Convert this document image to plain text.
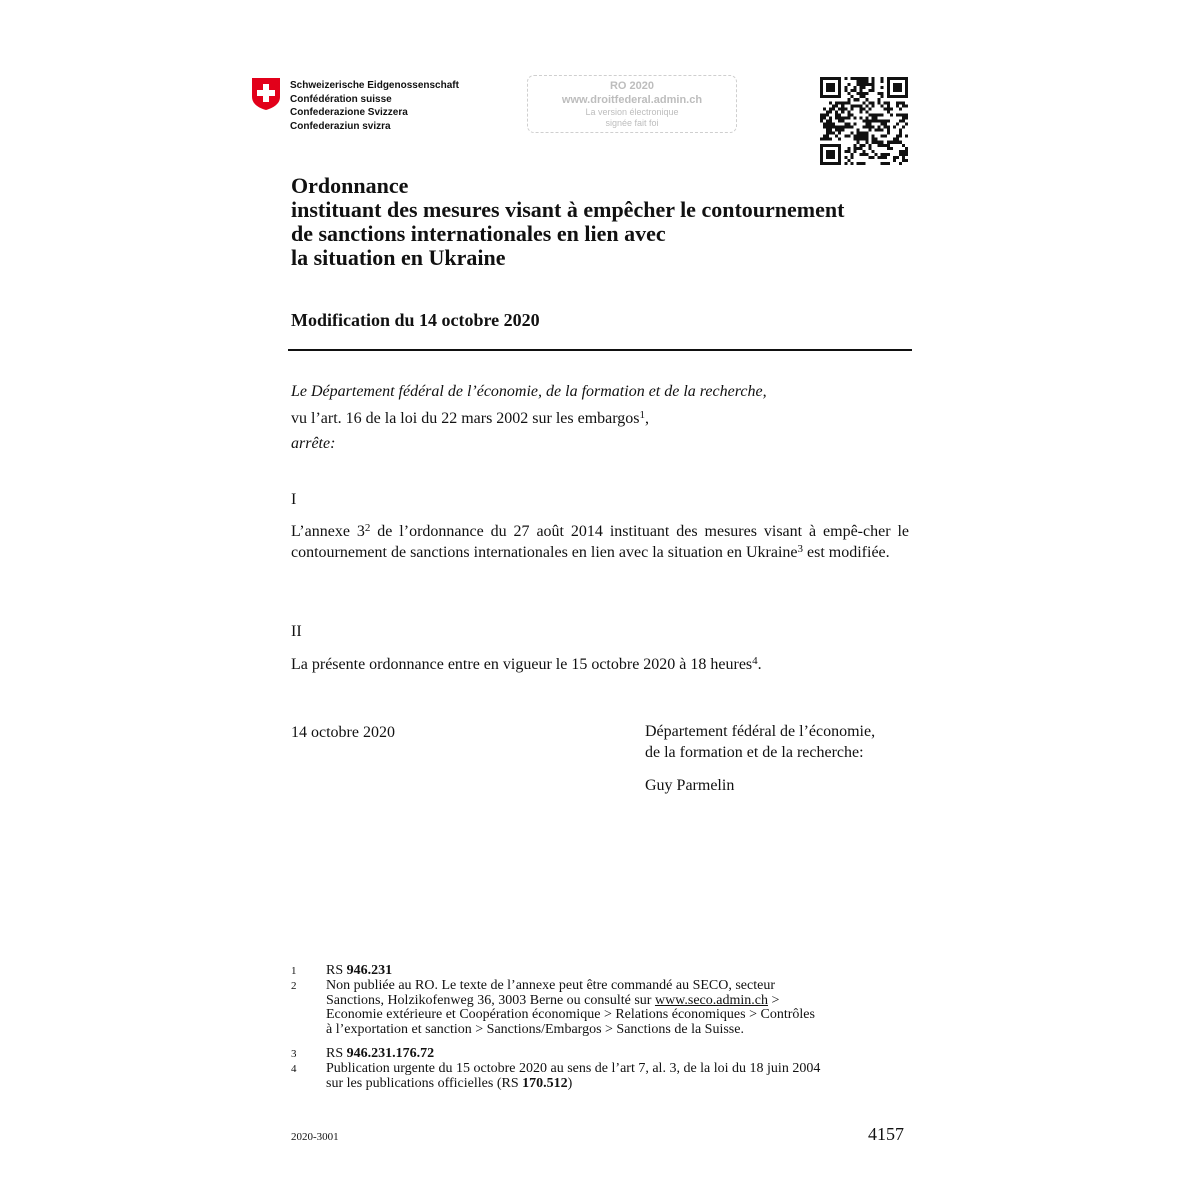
Schweizerische Eidgenossenschaft
Confédération suisse
Confederazione Svizzera
Confederaziun svizra
RO 2020
www.droitfederal.admin.ch
La version électronique
signée fait foi
Ordonnance
instituant des mesures visant à empêcher le contournement
de sanctions internationales en lien avec
la situation en Ukraine
Modification du 14 octobre 2020
Le Département fédéral de l’économie, de la formation et de la recherche,
vu l’art. 16 de la loi du 22 mars 2002 sur les embargos$^1$,
arrête:
I
L’annexe $3^2$ de l’ordonnance du 27 août 2014 instituant des mesures visant à empê-cher le contournement de sanctions internationales en lien avec la situation en Ukraine$^3$ est modifiée.
II
La présente ordonnance entre en vigueur le 15 octobre 2020 à 18 heures$^4$.
14 octobre 2020	Département fédéral de l’économie,
de la formation et de la recherche:
Guy Parmelin
1 RS 946.231
2 Non publiée au RO. Le texte de l’annexe peut être commandé au SECO, secteur
Sanctions, Holzikofenweg 36, 3003 Berne ou consulté sur www.seco.admin.ch >
Economie extérieure et Coopération économique > Relations économiques > Contrôles
à l’exportation et sanction > Sanctions/Embargos > Sanctions de la Suisse.
3 RS 946.231.176.72
4 Publication urgente du 15 octobre 2020 au sens de l’art 7, al. 3, de la loi du 18 juin 2004
sur les publications officielles (RS 170.512)
2020-3001	4157
